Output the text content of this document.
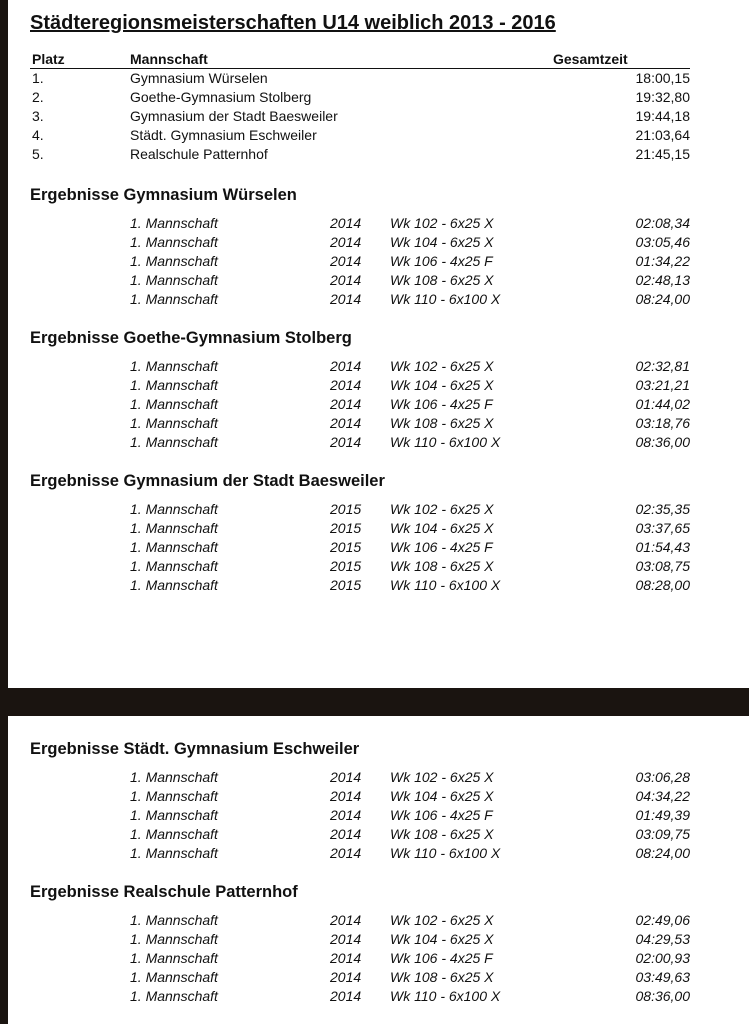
Städteregionsmeisterschaften U14 weiblich 2013 - 2016
Platz	Mannschaft	Gesamtzeit
1.	Gymnasium Würselen	18:00,15
2.	Goethe-Gymnasium Stolberg	19:32,80
3.	Gymnasium der Stadt Baesweiler	19:44,18
4.	Städt. Gymnasium Eschweiler	21:03,64
5.	Realschule Patternhof	21:45,15
Ergebnisse Gymnasium Würselen
1. Mannschaft	2014 Wk 102 - 6x25 X	02:08,34
1. Mannschaft	2014 Wk 104 - 6x25 X	03:05,46
1. Mannschaft	2014 Wk 106 - 4x25 F	01:34,22
1. Mannschaft	2014 Wk 108 - 6x25 X	02:48,13
1. Mannschaft	2014 Wk 110 - 6x100 X	08:24,00
Ergebnisse Goethe-Gymnasium Stolberg
1. Mannschaft	2014 Wk 102 - 6x25 X	02:32,81
1. Mannschaft	2014 Wk 104 - 6x25 X	03:21,21
1. Mannschaft	2014 Wk 106 - 4x25 F	01:44,02
1. Mannschaft	2014 Wk 108 - 6x25 X	03:18,76
1. Mannschaft	2014 Wk 110 - 6x100 X	08:36,00
Ergebnisse Gymnasium der Stadt Baesweiler
1. Mannschaft	2015 Wk 102 - 6x25 X	02:35,35
1. Mannschaft	2015 Wk 104 - 6x25 X	03:37,65
1. Mannschaft	2015 Wk 106 - 4x25 F	01:54,43
1. Mannschaft	2015 Wk 108 - 6x25 X	03:08,75
1. Mannschaft	2015 Wk 110 - 6x100 X	08:28,00
Ergebnisse Städt. Gymnasium Eschweiler
1. Mannschaft	2014 Wk 102 - 6x25 X	03:06,28
1. Mannschaft	2014 Wk 104 - 6x25 X	04:34,22
1. Mannschaft	2014 Wk 106 - 4x25 F	01:49,39
1. Mannschaft	2014 Wk 108 - 6x25 X	03:09,75
1. Mannschaft	2014 Wk 110 - 6x100 X	08:24,00
Ergebnisse Realschule Patternhof
1. Mannschaft	2014 Wk 102 - 6x25 X	02:49,06
1. Mannschaft	2014 Wk 104 - 6x25 X	04:29,53
1. Mannschaft	2014 Wk 106 - 4x25 F	02:00,93
1. Mannschaft	2014 Wk 108 - 6x25 X	03:49,63
1. Mannschaft	2014 Wk 110 - 6x100 X	08:36,00
